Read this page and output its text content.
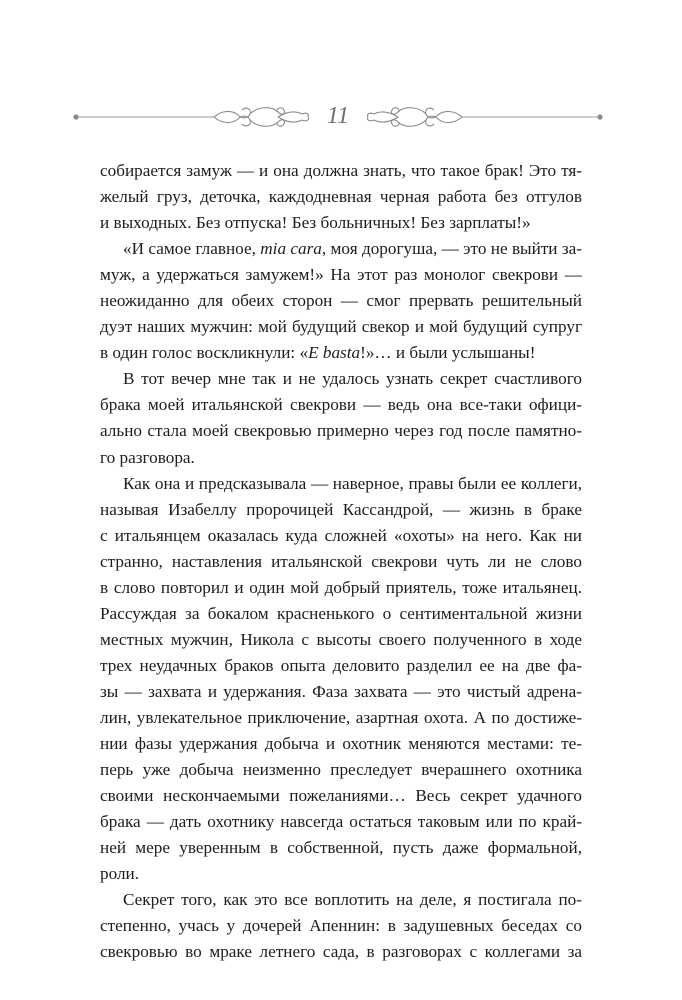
11
собирается замуж — и она должна знать, что такое брак! Это тя-
желый груз, деточка, каждодневная черная работа без отгулов
и выходных. Без отпуска! Без больничных! Без зарплаты!»
«И самое главное, mia cara, моя дорогуша, — это не выйти за-
муж, а удержаться замужем!» На этот раз монолог свекрови —
неожиданно для обеих сторон — смог прервать решительный
дуэт наших мужчин: мой будущий свекор и мой будущий супруг
в один голос воскликнули: «E basta!»… и были услышаны!
В тот вечер мне так и не удалось узнать секрет счастливого
брака моей итальянской свекрови — ведь она все-таки офици-
ально стала моей свекровью примерно через год после памятно-
го разговора.
Как она и предсказывала — наверное, правы были ее коллеги,
называя Изабеллу пророчицей Кассандрой, — жизнь в браке
с итальянцем оказалась куда сложней «охоты» на него. Как ни
странно, наставления итальянской свекрови чуть ли не слово
в слово повторил и один мой добрый приятель, тоже итальянец.
Рассуждая за бокалом красненького о сентиментальной жизни
местных мужчин, Никола с высоты своего полученного в ходе
трех неудачных браков опыта деловито разделил ее на две фа-
зы — захвата и удержания. Фаза захвата — это чистый адрена-
лин, увлекательное приключение, азартная охота. А по достиже-
нии фазы удержания добыча и охотник меняются местами: те-
перь уже добыча неизменно преследует вчерашнего охотника
своими нескончаемыми пожеланиями… Весь секрет удачного
брака — дать охотнику навсегда остаться таковым или по край-
ней мере уверенным в собственной, пусть даже формальной,
роли.
Секрет того, как это все воплотить на деле, я постигала по-
степенно, учась у дочерей Апеннин: в задушевных беседах со
свекровью во мраке летнего сада, в разговорах с коллегами за
